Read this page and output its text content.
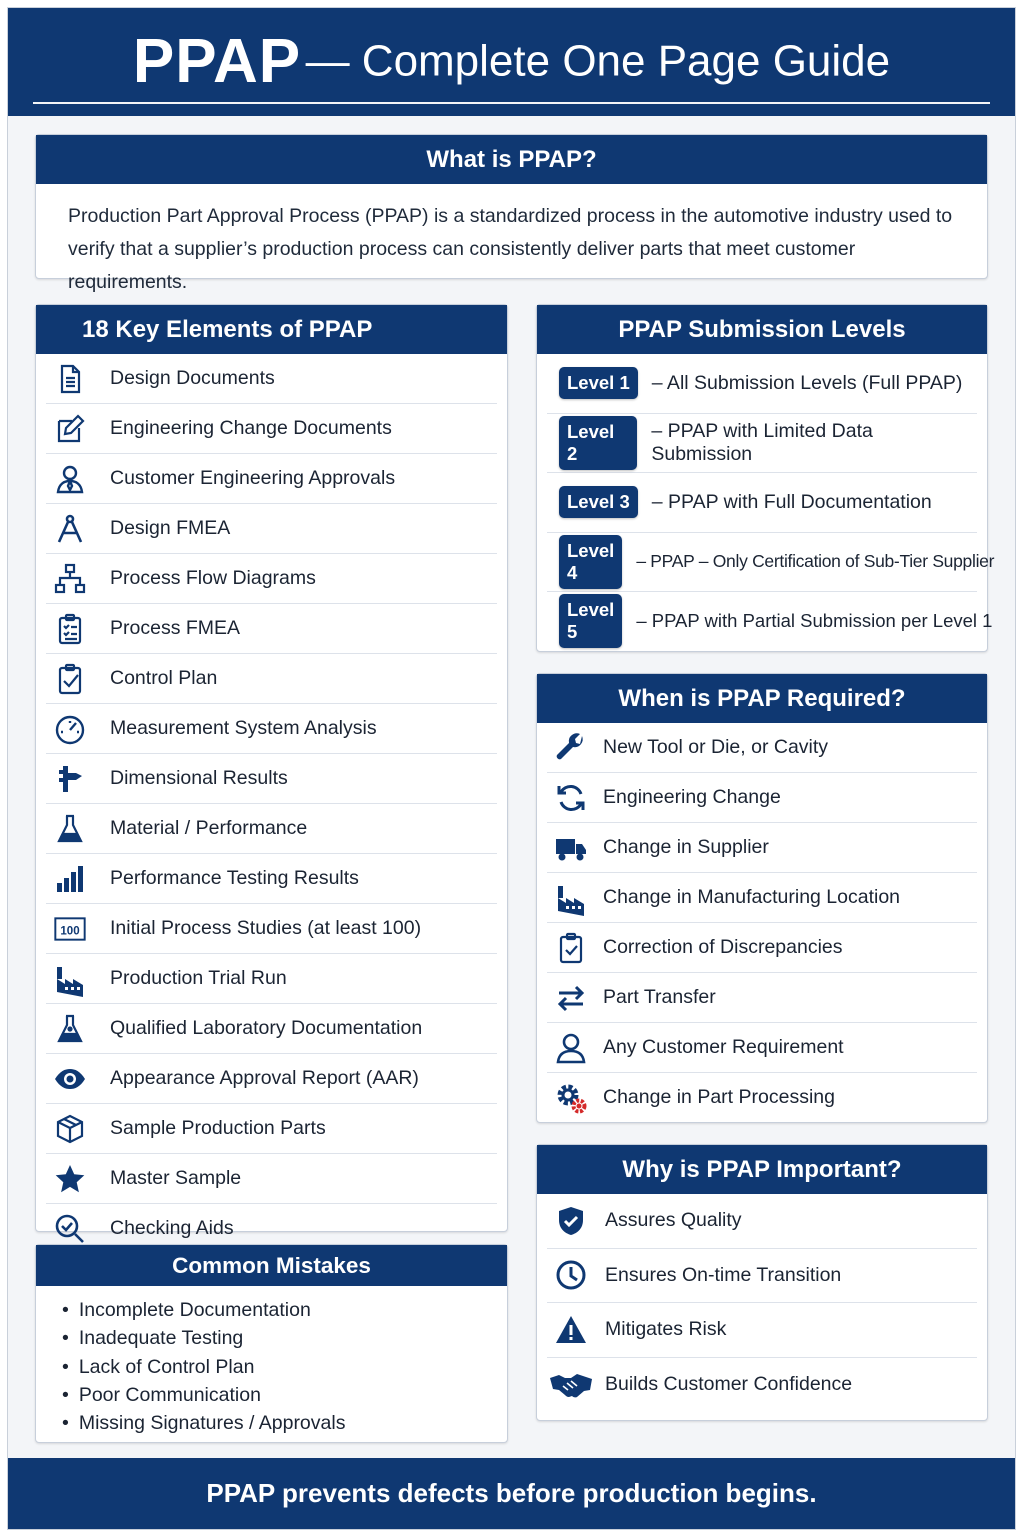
PPAP — Complete One Page Guide
What is PPAP?
Production Part Approval Process (PPAP) is a standardized process in the automotive industry used to verify that a supplier’s production process can consistently deliver parts that meet customer requirements.
18 Key Elements of PPAP
Design Documents
Engineering Change Documents
Customer Engineering Approvals
Design FMEA
Process Flow Diagrams
Process FMEA
Control Plan
Measurement System Analysis
Dimensional Results
Material / Performance
Performance Testing Results
100 Initial Process Studies (at least 100)
Production Trial Run
Qualified Laboratory Documentation
Appearance Approval Report (AAR)
Sample Production Parts
Master Sample
Checking Aids
Common Mistakes
• Incomplete Documentation
• Inadequate Testing
• Lack of Control Plan
• Poor Communication
• Missing Signatures / Approvals
PPAP Submission Levels
Level 1	– All Submission Levels (Full PPAP)
Level 2
– PPAP with Limited Data Submission
Level 3	– PPAP with Full Documentation
Level 4
– PPAP – Only Certification of Sub-Tier Supplier
Level 5
– PPAP with Partial Submission per Level 1
When is PPAP Required?
New Tool or Die, or Cavity
Engineering Change
Change in Supplier
Change in Manufacturing Location
Correction of Discrepancies
Part Transfer
Any Customer Requirement
Change in Part Processing
Why is PPAP Important?
Assures Quality
Ensures On-time Transition
Mitigates Risk
Builds Customer Confidence
PPAP prevents defects before production begins.
